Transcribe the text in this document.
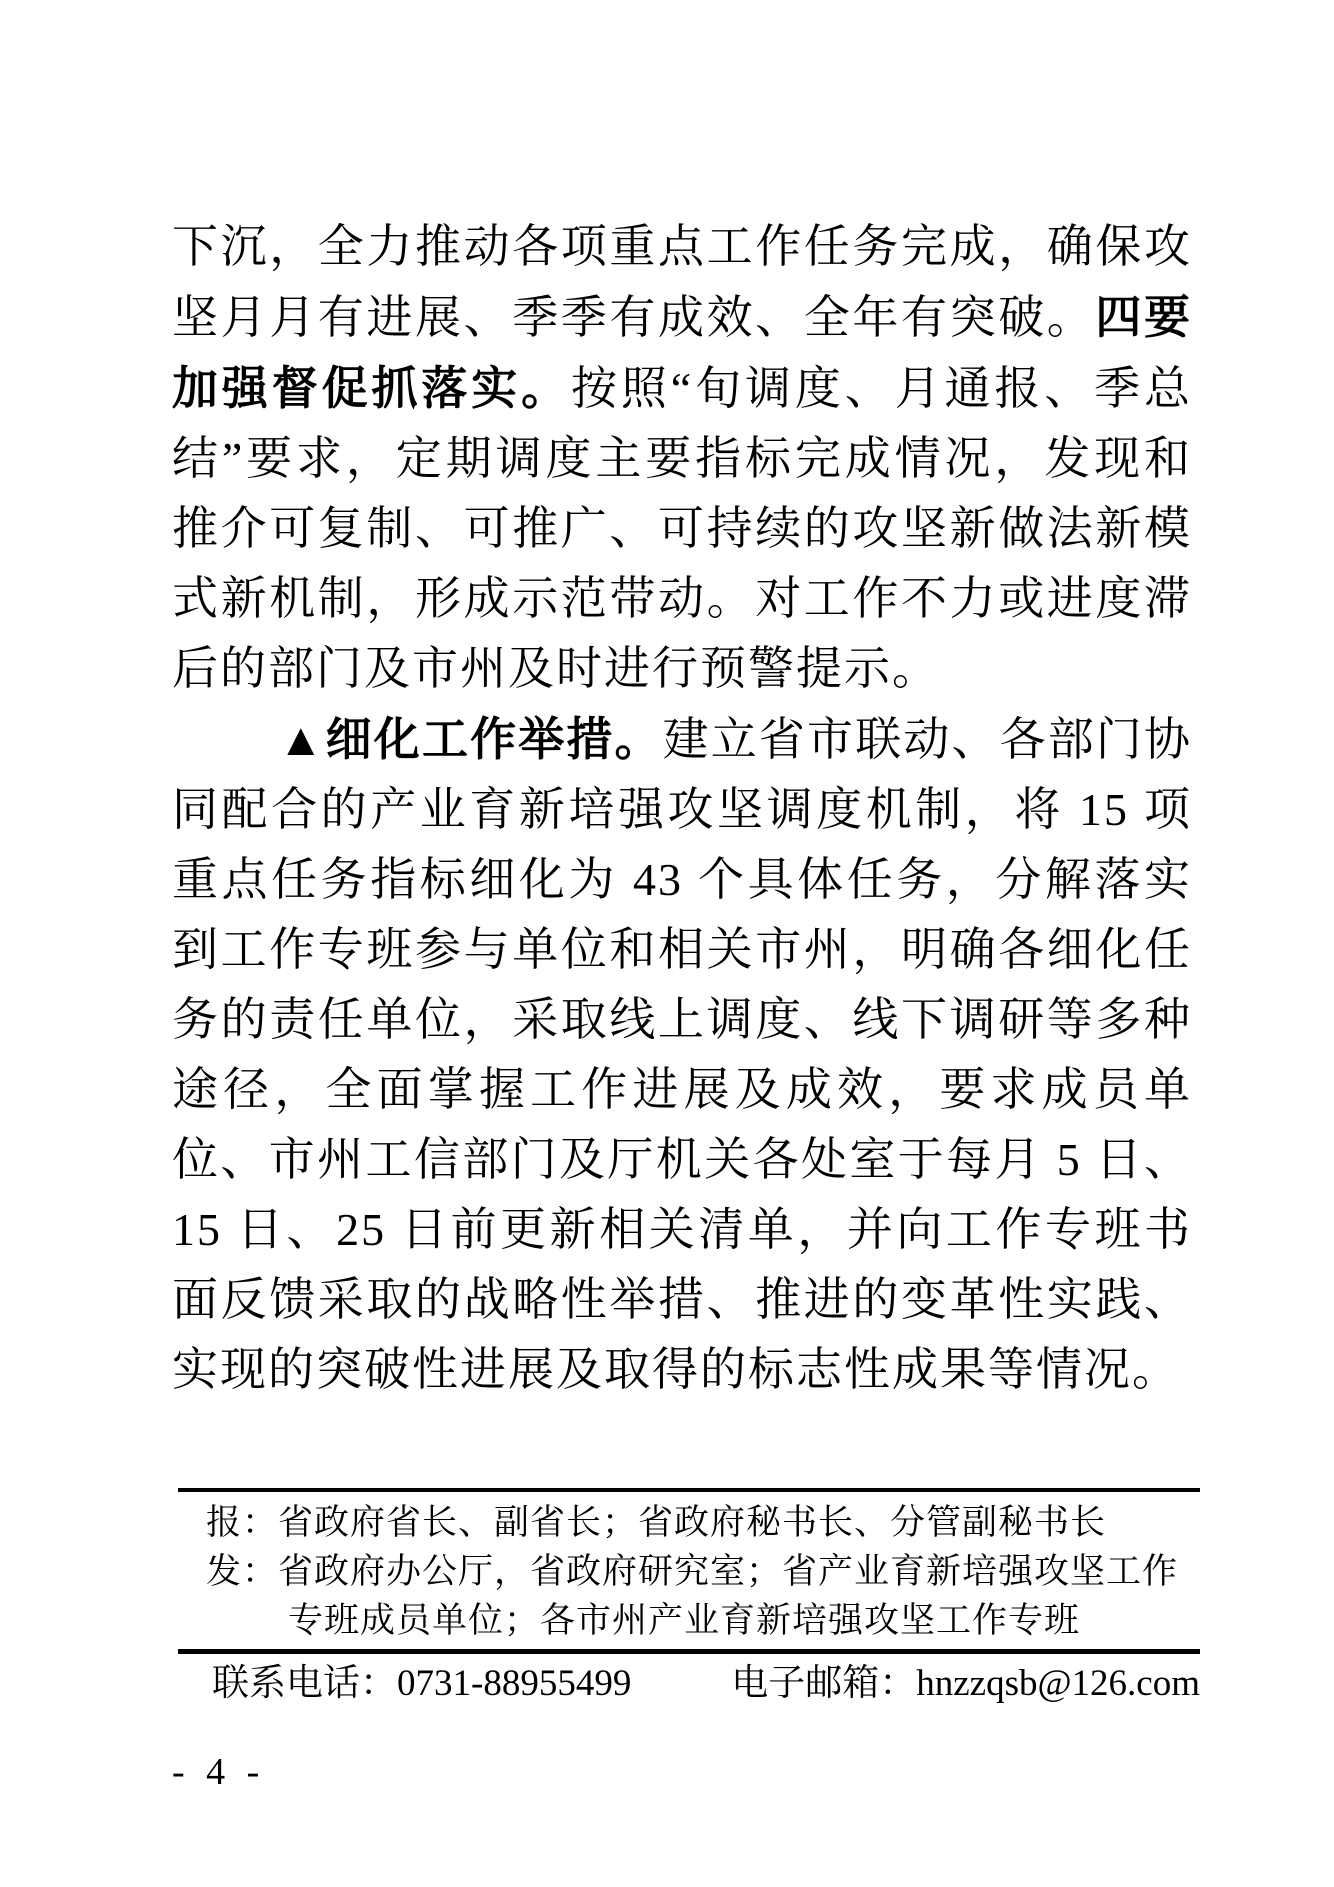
下沉，全力推动各项重点工作任务完成，确保攻坚月月有进展、季季有成效、全年有突破。四要加强督促抓落实。按照“旬调度、月通报、季总结”要求，定期调度主要指标完成情况，发现和推介可复制、可推广、可持续的攻坚新做法新模式新机制，形成示范带动。对工作不力或进度滞后的部门及市州及时进行预警提示。

▲细化工作举措。建立省市联动、各部门协同配合的产业育新培强攻坚调度机制，将 15 项重点任务指标细化为 43 个具体任务，分解落实到工作专班参与单位和相关市州，明确各细化任务的责任单位，采取线上调度、线下调研等多种途径，全面掌握工作进展及成效，要求成员单位、市州工信部门及厅机关各处室于每月 5 日、15 日、25 日前更新相关清单，并向工作专班书面反馈采取的战略性举措、推进的变革性实践、实现的突破性进展及取得的标志性成果等情况。

报：省政府省长、副省长；省政府秘书长、分管副秘书长
发：省政府办公厅，省政府研究室；省产业育新培强攻坚工作
专班成员单位；各市州产业育新培强攻坚工作专班
联系电话：0731-88955499	电子邮箱：hnzzqsb@126.com
- 4 -
